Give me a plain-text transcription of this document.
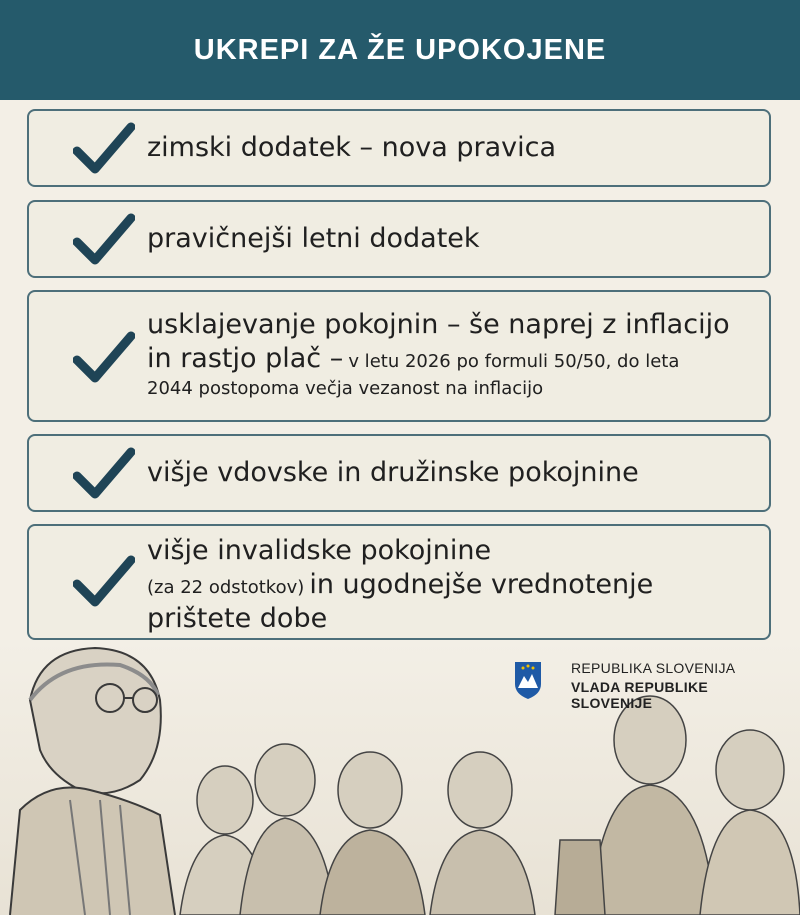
UKREPI ZA ŽE UPOKOJENE
zimski dodatek – nova pravica
pravičnejši letni dodatek
usklajevanje pokojnin – še naprej z inflacijo
in rastjo plač – v letu 2026 po formuli 50/50, do leta
2044 postopoma večja vezanost na inflacijo
višje vdovske in družinske pokojnine
višje invalidske pokojnine
(za 22 odstotkov) in ugodnejše vrednotenje
prištete dobe
REPUBLIKA SLOVENIJA
VLADA REPUBLIKE SLOVENIJE
